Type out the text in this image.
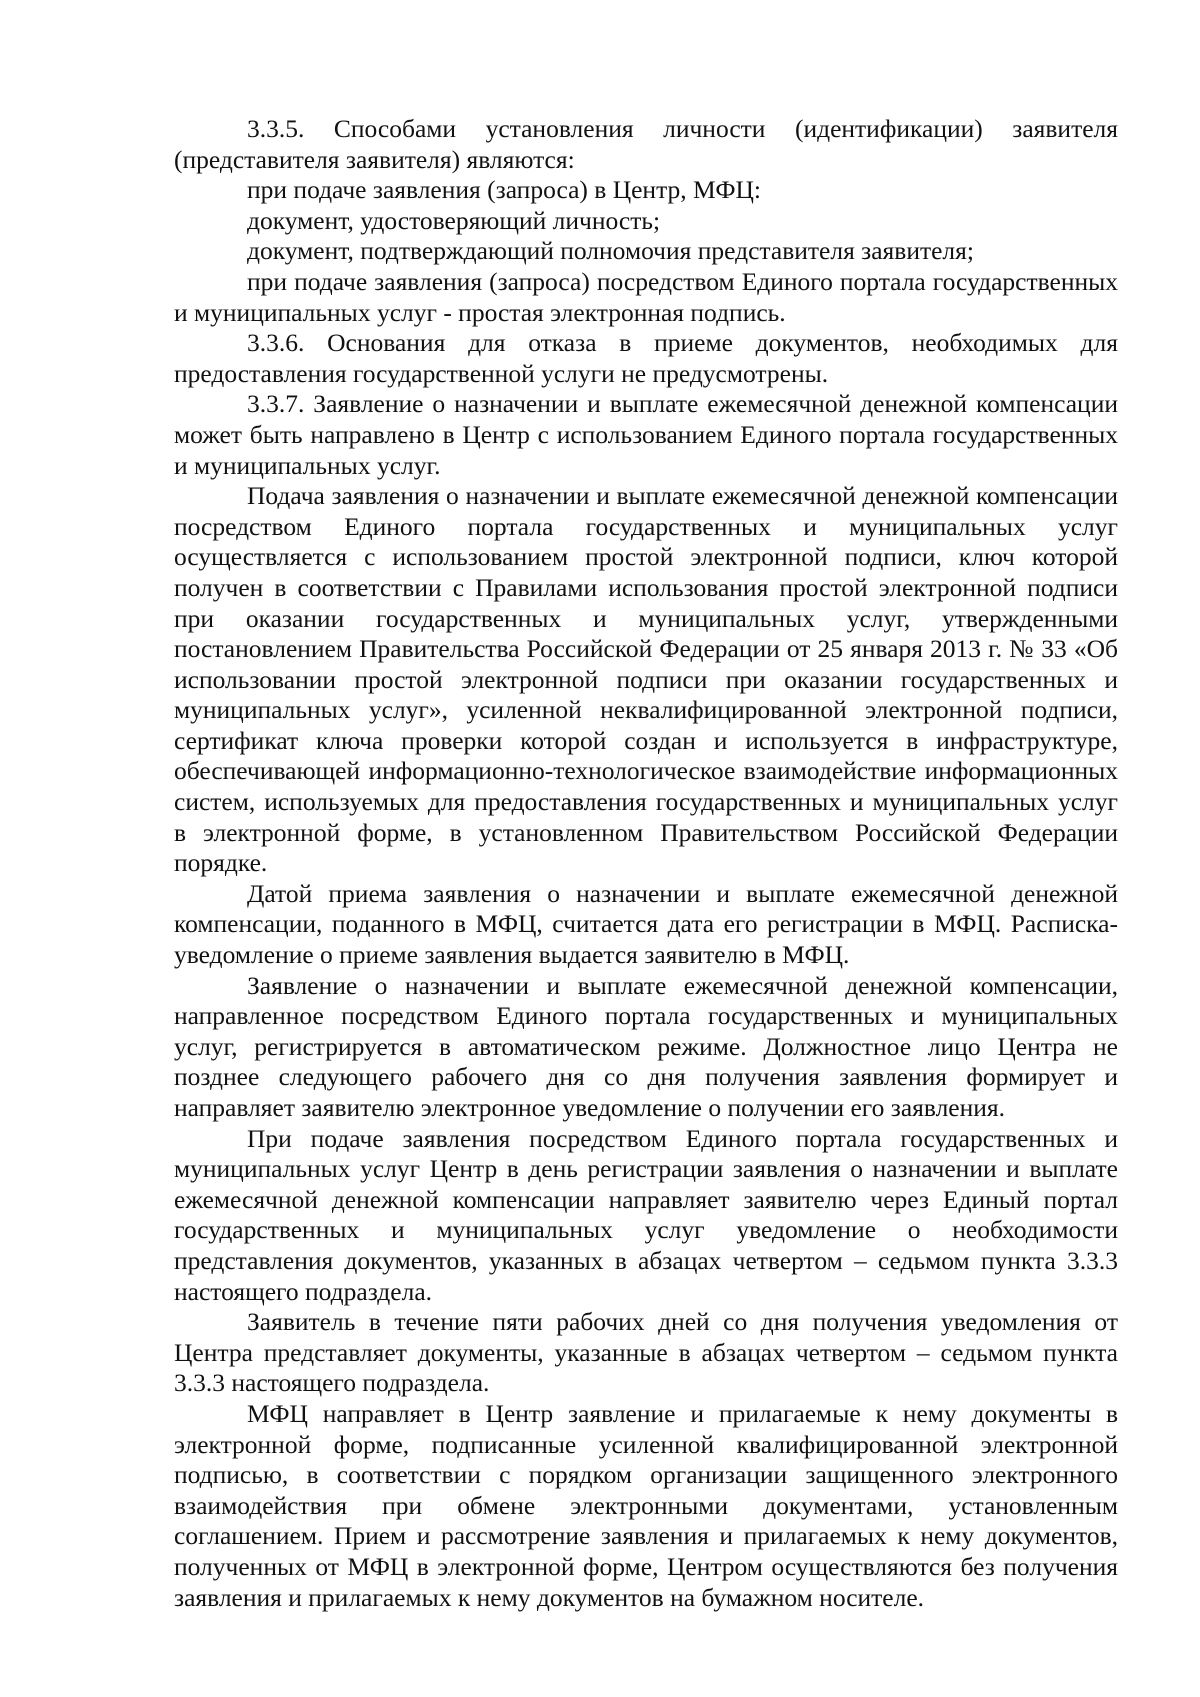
3.3.5. Способами установления личности (идентификации) заявителя (представителя заявителя) являются:

при подаче заявления (запроса) в Центр, МФЦ:

документ, удостоверяющий личность;

документ, подтверждающий полномочия представителя заявителя;

при подаче заявления (запроса) посредством Единого портала государственных и муниципальных услуг - простая электронная подпись.

3.3.6. Основания для отказа в приеме документов, необходимых для предоставления государственной услуги не предусмотрены.

3.3.7. Заявление о назначении и выплате ежемесячной денежной компенсации может быть направлено в Центр с использованием Единого портала государственных и муниципальных услуг.

Подача заявления о назначении и выплате ежемесячной денежной компенсации посредством Единого портала государственных и муниципальных услуг осуществляется с использованием простой электронной подписи, ключ которой получен в соответствии с Правилами использования простой электронной подписи при оказании государственных и муниципальных услуг, утвержденными постановлением Правительства Российской Федерации от 25 января 2013 г. № 33 «Об использовании простой электронной подписи при оказании государственных и муниципальных услуг», усиленной неквалифицированной электронной подписи, сертификат ключа проверки которой создан и используется в инфраструктуре, обеспечивающей информационно-технологическое взаимодействие информационных систем, используемых для предоставления государственных и муниципальных услуг в электронной форме, в установленном Правительством Российской Федерации порядке.

Датой приема заявления о назначении и выплате ежемесячной денежной компенсации, поданного в МФЦ, считается дата его регистрации в МФЦ. Расписка-уведомление о приеме заявления выдается заявителю в МФЦ.

Заявление о назначении и выплате ежемесячной денежной компенсации, направленное посредством Единого портала государственных и муниципальных услуг, регистрируется в автоматическом режиме. Должностное лицо Центра не позднее следующего рабочего дня со дня получения заявления формирует и направляет заявителю электронное уведомление о получении его заявления.

При подаче заявления посредством Единого портала государственных и муниципальных услуг Центр в день регистрации заявления о назначении и выплате ежемесячной денежной компенсации направляет заявителю через Единый портал государственных и муниципальных услуг уведомление о необходимости представления документов, указанных в абзацах четвертом – седьмом пункта 3.3.3 настоящего подраздела.

Заявитель в течение пяти рабочих дней со дня получения уведомления от Центра представляет документы, указанные в абзацах четвертом – седьмом пункта 3.3.3 настоящего подраздела.

МФЦ направляет в Центр заявление и прилагаемые к нему документы в электронной форме, подписанные усиленной квалифицированной электронной подписью, в соответствии с порядком организации защищенного электронного взаимодействия при обмене электронными документами, установленным соглашением. Прием и рассмотрение заявления и прилагаемых к нему документов, полученных от МФЦ в электронной форме, Центром осуществляются без получения заявления и прилагаемых к нему документов на бумажном носителе.
